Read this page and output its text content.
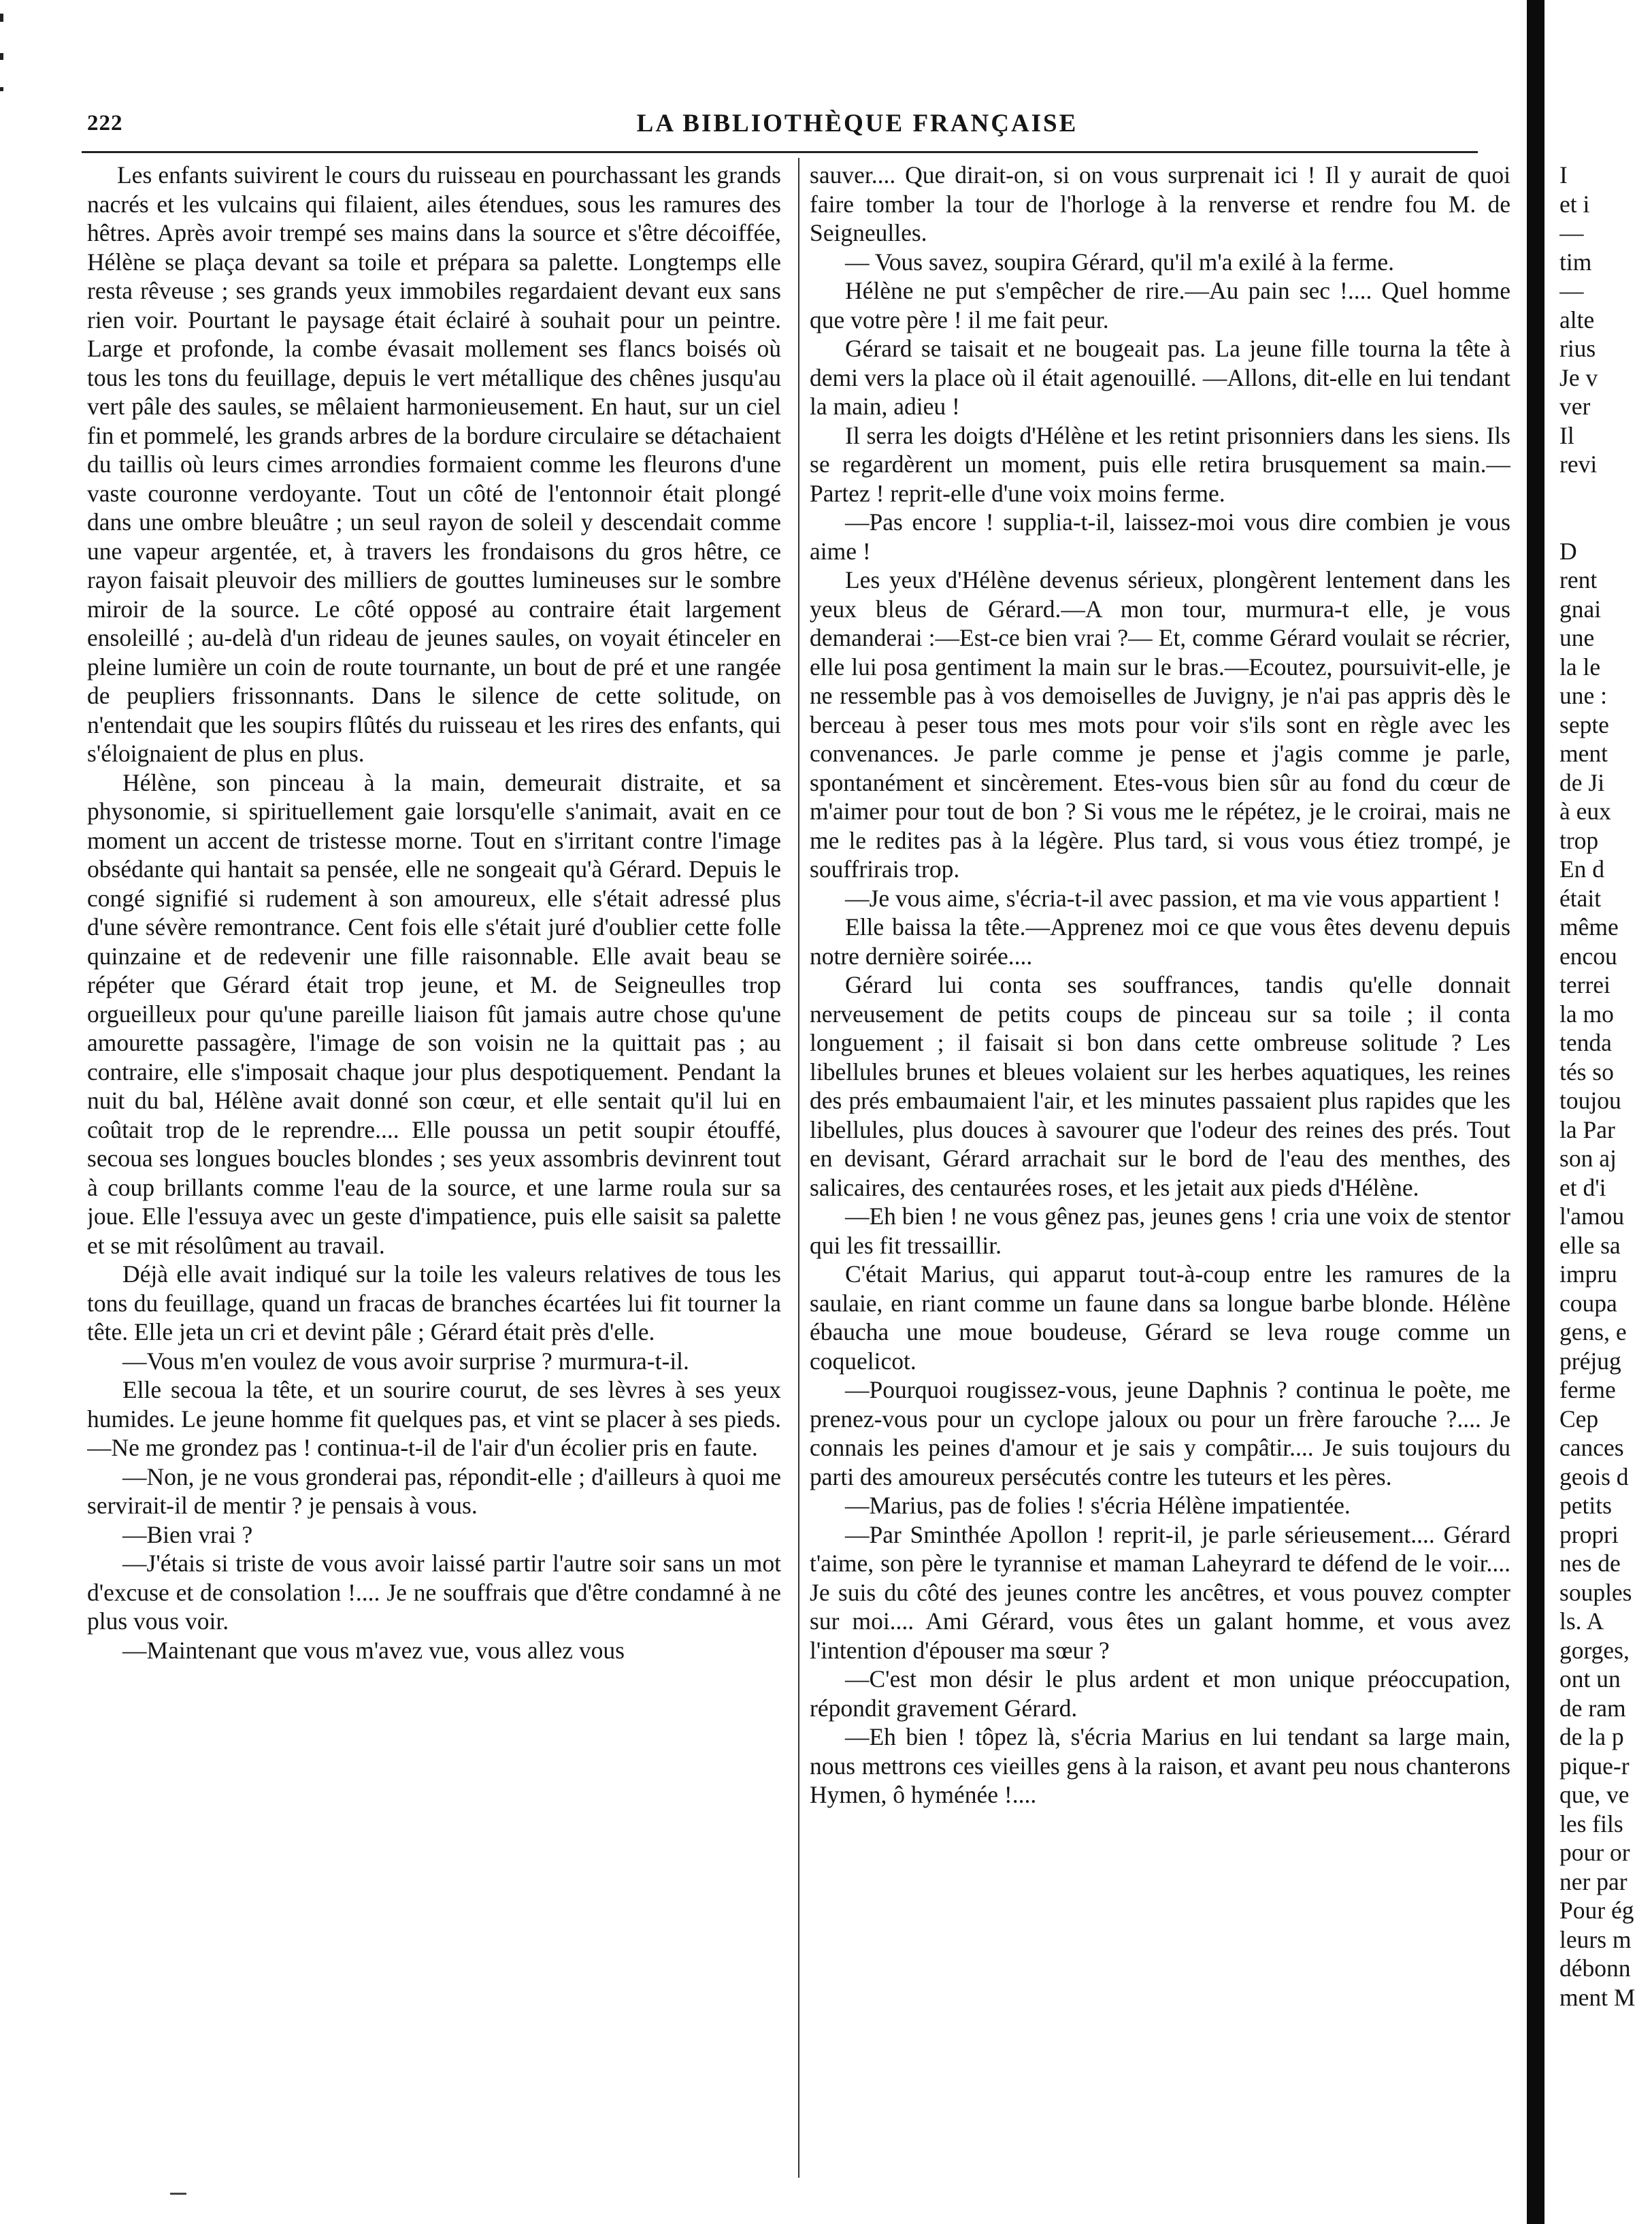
222	LA BIBLIOTHÈQUE FRANÇAISE

Les enfants suivirent le cours du ruisseau en pourchassant les grands nacrés et les vulcains qui filaient, ailes étendues, sous les ramures des hêtres. Après avoir trempé ses mains dans la source et s'être décoiffée, Hélène se plaça devant sa toile et prépara sa palette. Longtemps elle resta rêveuse ; ses grands yeux immobiles regardaient devant eux sans rien voir. Pourtant le paysage était éclairé à souhait pour un peintre. Large et profonde, la combe évasait mollement ses flancs boisés où tous les tons du feuillage, depuis le vert métallique des chênes jusqu'au vert pâle des saules, se mêlaient harmonieusement. En haut, sur un ciel fin et pommelé, les grands arbres de la bordure circulaire se détachaient du taillis où leurs cimes arrondies formaient comme les fleurons d'une vaste couronne verdoyante. Tout un côté de l'entonnoir était plongé dans une ombre bleuâtre ; un seul rayon de soleil y descendait comme une vapeur argentée, et, à travers les frondaisons du gros hêtre, ce rayon faisait pleuvoir des milliers de gouttes lumineuses sur le sombre miroir de la source. Le côté opposé au contraire était largement ensoleillé ; au-delà d'un rideau de jeunes saules, on voyait étinceler en pleine lumière un coin de route tournante, un bout de pré et une rangée de peupliers frissonnants. Dans le silence de cette solitude, on n'entendait que les soupirs flûtés du ruisseau et les rires des enfants, qui s'éloignaient de plus en plus.

Hélène, son pinceau à la main, demeurait distraite, et sa physonomie, si spirituellement gaie lorsqu'elle s'animait, avait en ce moment un accent de tristesse morne. Tout en s'irritant contre l'image obsédante qui hantait sa pensée, elle ne songeait qu'à Gérard. Depuis le congé signifié si rudement à son amoureux, elle s'était adressé plus d'une sévère remontrance. Cent fois elle s'était juré d'oublier cette folle quinzaine et de redevenir une fille raisonnable. Elle avait beau se répéter que Gérard était trop jeune, et M. de Seigneulles trop orgueilleux pour qu'une pareille liaison fût jamais autre chose qu'une amourette passagère, l'image de son voisin ne la quittait pas ; au contraire, elle s'imposait chaque jour plus despotiquement. Pendant la nuit du bal, Hélène avait donné son cœur, et elle sentait qu'il lui en coûtait trop de le reprendre.... Elle poussa un petit soupir étouffé, secoua ses longues boucles blondes ; ses yeux assombris devinrent tout à coup brillants comme l'eau de la source, et une larme roula sur sa joue. Elle l'essuya avec un geste d'impatience, puis elle saisit sa palette et se mit résolûment au travail.

Déjà elle avait indiqué sur la toile les valeurs relatives de tous les tons du feuillage, quand un fracas de branches écartées lui fit tourner la tête. Elle jeta un cri et devint pâle ; Gérard était près d'elle.

—Vous m'en voulez de vous avoir surprise ? murmura-t-il.

Elle secoua la tête, et un sourire courut, de ses lèvres à ses yeux humides. Le jeune homme fit quelques pas, et vint se placer à ses pieds.—Ne me grondez pas ! continua-t-il de l'air d'un écolier pris en faute.

—Non, je ne vous gronderai pas, répondit-elle ; d'ailleurs à quoi me servirait-il de mentir ? je pensais à vous.

—Bien vrai ?

—J'étais si triste de vous avoir laissé partir l'autre soir sans un mot d'excuse et de consolation !.... Je ne souffrais que d'être condamné à ne plus vous voir.

—Maintenant que vous m'avez vue, vous allez vous

sauver.... Que dirait-on, si on vous surprenait ici ! Il y aurait de quoi faire tomber la tour de l'horloge à la renverse et rendre fou M. de Seigneulles.

— Vous savez, soupira Gérard, qu'il m'a exilé à la ferme.

Hélène ne put s'empêcher de rire.—Au pain sec !.... Quel homme que votre père ! il me fait peur.

Gérard se taisait et ne bougeait pas. La jeune fille tourna la tête à demi vers la place où il était agenouillé. —Allons, dit-elle en lui tendant la main, adieu !

Il serra les doigts d'Hélène et les retint prisonniers dans les siens. Ils se regardèrent un moment, puis elle retira brusquement sa main.—Partez ! reprit-elle d'une voix moins ferme.

—Pas encore ! supplia-t-il, laissez-moi vous dire combien je vous aime !

Les yeux d'Hélène devenus sérieux, plongèrent lentement dans les yeux bleus de Gérard.—A mon tour, murmura-t elle, je vous demanderai :—Est-ce bien vrai ?— Et, comme Gérard voulait se récrier, elle lui posa gentiment la main sur le bras.—Ecoutez, poursuivit-elle, je ne ressemble pas à vos demoiselles de Juvigny, je n'ai pas appris dès le berceau à peser tous mes mots pour voir s'ils sont en règle avec les convenances. Je parle comme je pense et j'agis comme je parle, spontanément et sincèrement. Etes-vous bien sûr au fond du cœur de m'aimer pour tout de bon ? Si vous me le répétez, je le croirai, mais ne me le redites pas à la légère. Plus tard, si vous vous étiez trompé, je souffrirais trop.

—Je vous aime, s'écria-t-il avec passion, et ma vie vous appartient !

Elle baissa la tête.—Apprenez moi ce que vous êtes devenu depuis notre dernière soirée....

Gérard lui conta ses souffrances, tandis qu'elle donnait nerveusement de petits coups de pinceau sur sa toile ; il conta longuement ; il faisait si bon dans cette ombreuse solitude ? Les libellules brunes et bleues volaient sur les herbes aquatiques, les reines des prés embaumaient l'air, et les minutes passaient plus rapides que les libellules, plus douces à savourer que l'odeur des reines des prés. Tout en devisant, Gérard arrachait sur le bord de l'eau des menthes, des salicaires, des centaurées roses, et les jetait aux pieds d'Hélène.

—Eh bien ! ne vous gênez pas, jeunes gens ! cria une voix de stentor qui les fit tressaillir.

C'était Marius, qui apparut tout-à-coup entre les ramures de la saulaie, en riant comme un faune dans sa longue barbe blonde. Hélène ébaucha une moue boudeuse, Gérard se leva rouge comme un coquelicot.

—Pourquoi rougissez-vous, jeune Daphnis ? continua le poète, me prenez-vous pour un cyclope jaloux ou pour un frère farouche ?.... Je connais les peines d'amour et je sais y compâtir.... Je suis toujours du parti des amoureux persécutés contre les tuteurs et les pères.

—Marius, pas de folies ! s'écria Hélène impatientée.

—Par Sminthée Apollon ! reprit-il, je parle sérieusement.... Gérard t'aime, son père le tyrannise et maman Laheyrard te défend de le voir.... Je suis du côté des jeunes contre les ancêtres, et vous pouvez compter sur moi.... Ami Gérard, vous êtes un galant homme, et vous avez l'intention d'épouser ma sœur ?

—C'est mon désir le plus ardent et mon unique préoccupation, répondit gravement Gérard.

—Eh bien ! tôpez là, s'écria Marius en lui tendant sa large main, nous mettrons ces vieilles gens à la raison, et avant peu nous chanterons Hymen, ô hyménée !....

I
et i
—
tim
—
alte
rius
Je v
ver
Il
revi
D
rent
gnai
une
la le
une :
septe
ment
de Ji
à eux
trop
En d
était
même
encou
terrei
la mo
tenda
tés so
toujou
la Par
son aj
et d'i
l'amou
elle sa
impru
coupa
gens, e
préjug
ferme
Cep
cances
geois d
petits
propri
nes de
souples
ls. A
gorges,
ont un
de ram
de la p
pique-r
que, ve
les fils
pour or
ner par
Pour ég
leurs m
débonn
ment M
